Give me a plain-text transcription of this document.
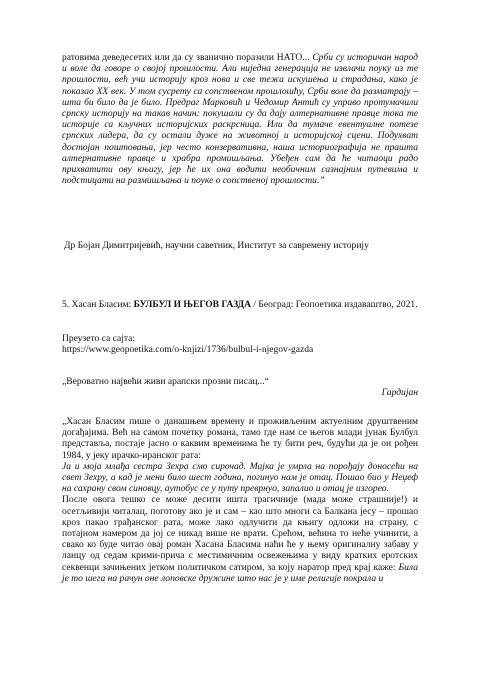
ратовима деведесетих или да су званично поразили НАТО... Срби су историчан народ и воле да говоре о својој прошлости. Али ниједна генерација не извлачи поуку из те прошлости, већ учи историју кроз нова и све тежа искушења и страдања, како је показао XX век. У том сусрету са сопственом прошлошћу, Срби воле да разматрају – шта би било да је било. Предраг Марковић и Чедомир Антић су управо протумачили српску историју на такав начин: покушали су да дају алтернативне правце тока те историје са кључних историјских раскрсница. Или да тумаче евентуалне потезе српских лидера, да су остали дуже на животној и историјској сцени. Подухват достојан поштовања, јер често конзервативна, наша историографија не прашта алтернативне правце и храбра промишљања. Убеђен сам да ће читаоци радо прихватити ову књигу, јер ће их она водити необичним сазнајним путевима и подстицати на размишљања и поуке о сопственој прошлости.”

Др Бојан Димитријевић, научни саветник, Институт за савремену историју

5. Хасан Бласим: БУЛБУЛ И ЊЕГОВ ГАЗДА / Београд: Геопоетика издаваштво, 2021.

Преузето са сајта:

https://www.geopoetika.com/o-knjizi/1736/bulbul-i-njegov-gazda

„Вероватно највећи живи арапски прозни писац...“

Гардијан

„Хасан Бласим пише о данашњем времену и проживљеним актуелним друштвеним догађајима. Већ на самом почетку романа, тамо где нам се његов млади јунак Булбул представља, постаје јасно о каквим временима ће ту бити реч, будући да је он рођен 1984, у јеку ирачко-иранског рата:

Ја и моја млађа сестра Зехра смо сирочад. Мајка је умрла на порођају доносећи на свет Зехру, а кад је мени било шест година, погинуо нам је отац. Пошао био у Неџеф на сахрану свом синовцу, аутобус се у путу преврнуо, запалио и отац је изгорео.

После овога тешко се може десити ишта трагичније (мада може страшније!) и осетљивији читалац, поготову ако је и сам – као што многи са Балкана јесу – прошао кроз пакао грађанског рата, може лако одлучити да књигу одложи на страну, с потајном намером да јој се никад више не врати. Срећом, већина то неће учинити, а свако ко буде читао овај роман Хасана Бласима наћи ће у њему оригиналну забаву у ланцу од седам крими-прича с местимичним освежењима у виду кратких еротских секвенци зачињених јетком политичком сатиром, за коју наратор пред крај каже: Била је то шега на рачун оне лоповске дружине што нас је у име религије покрала и
